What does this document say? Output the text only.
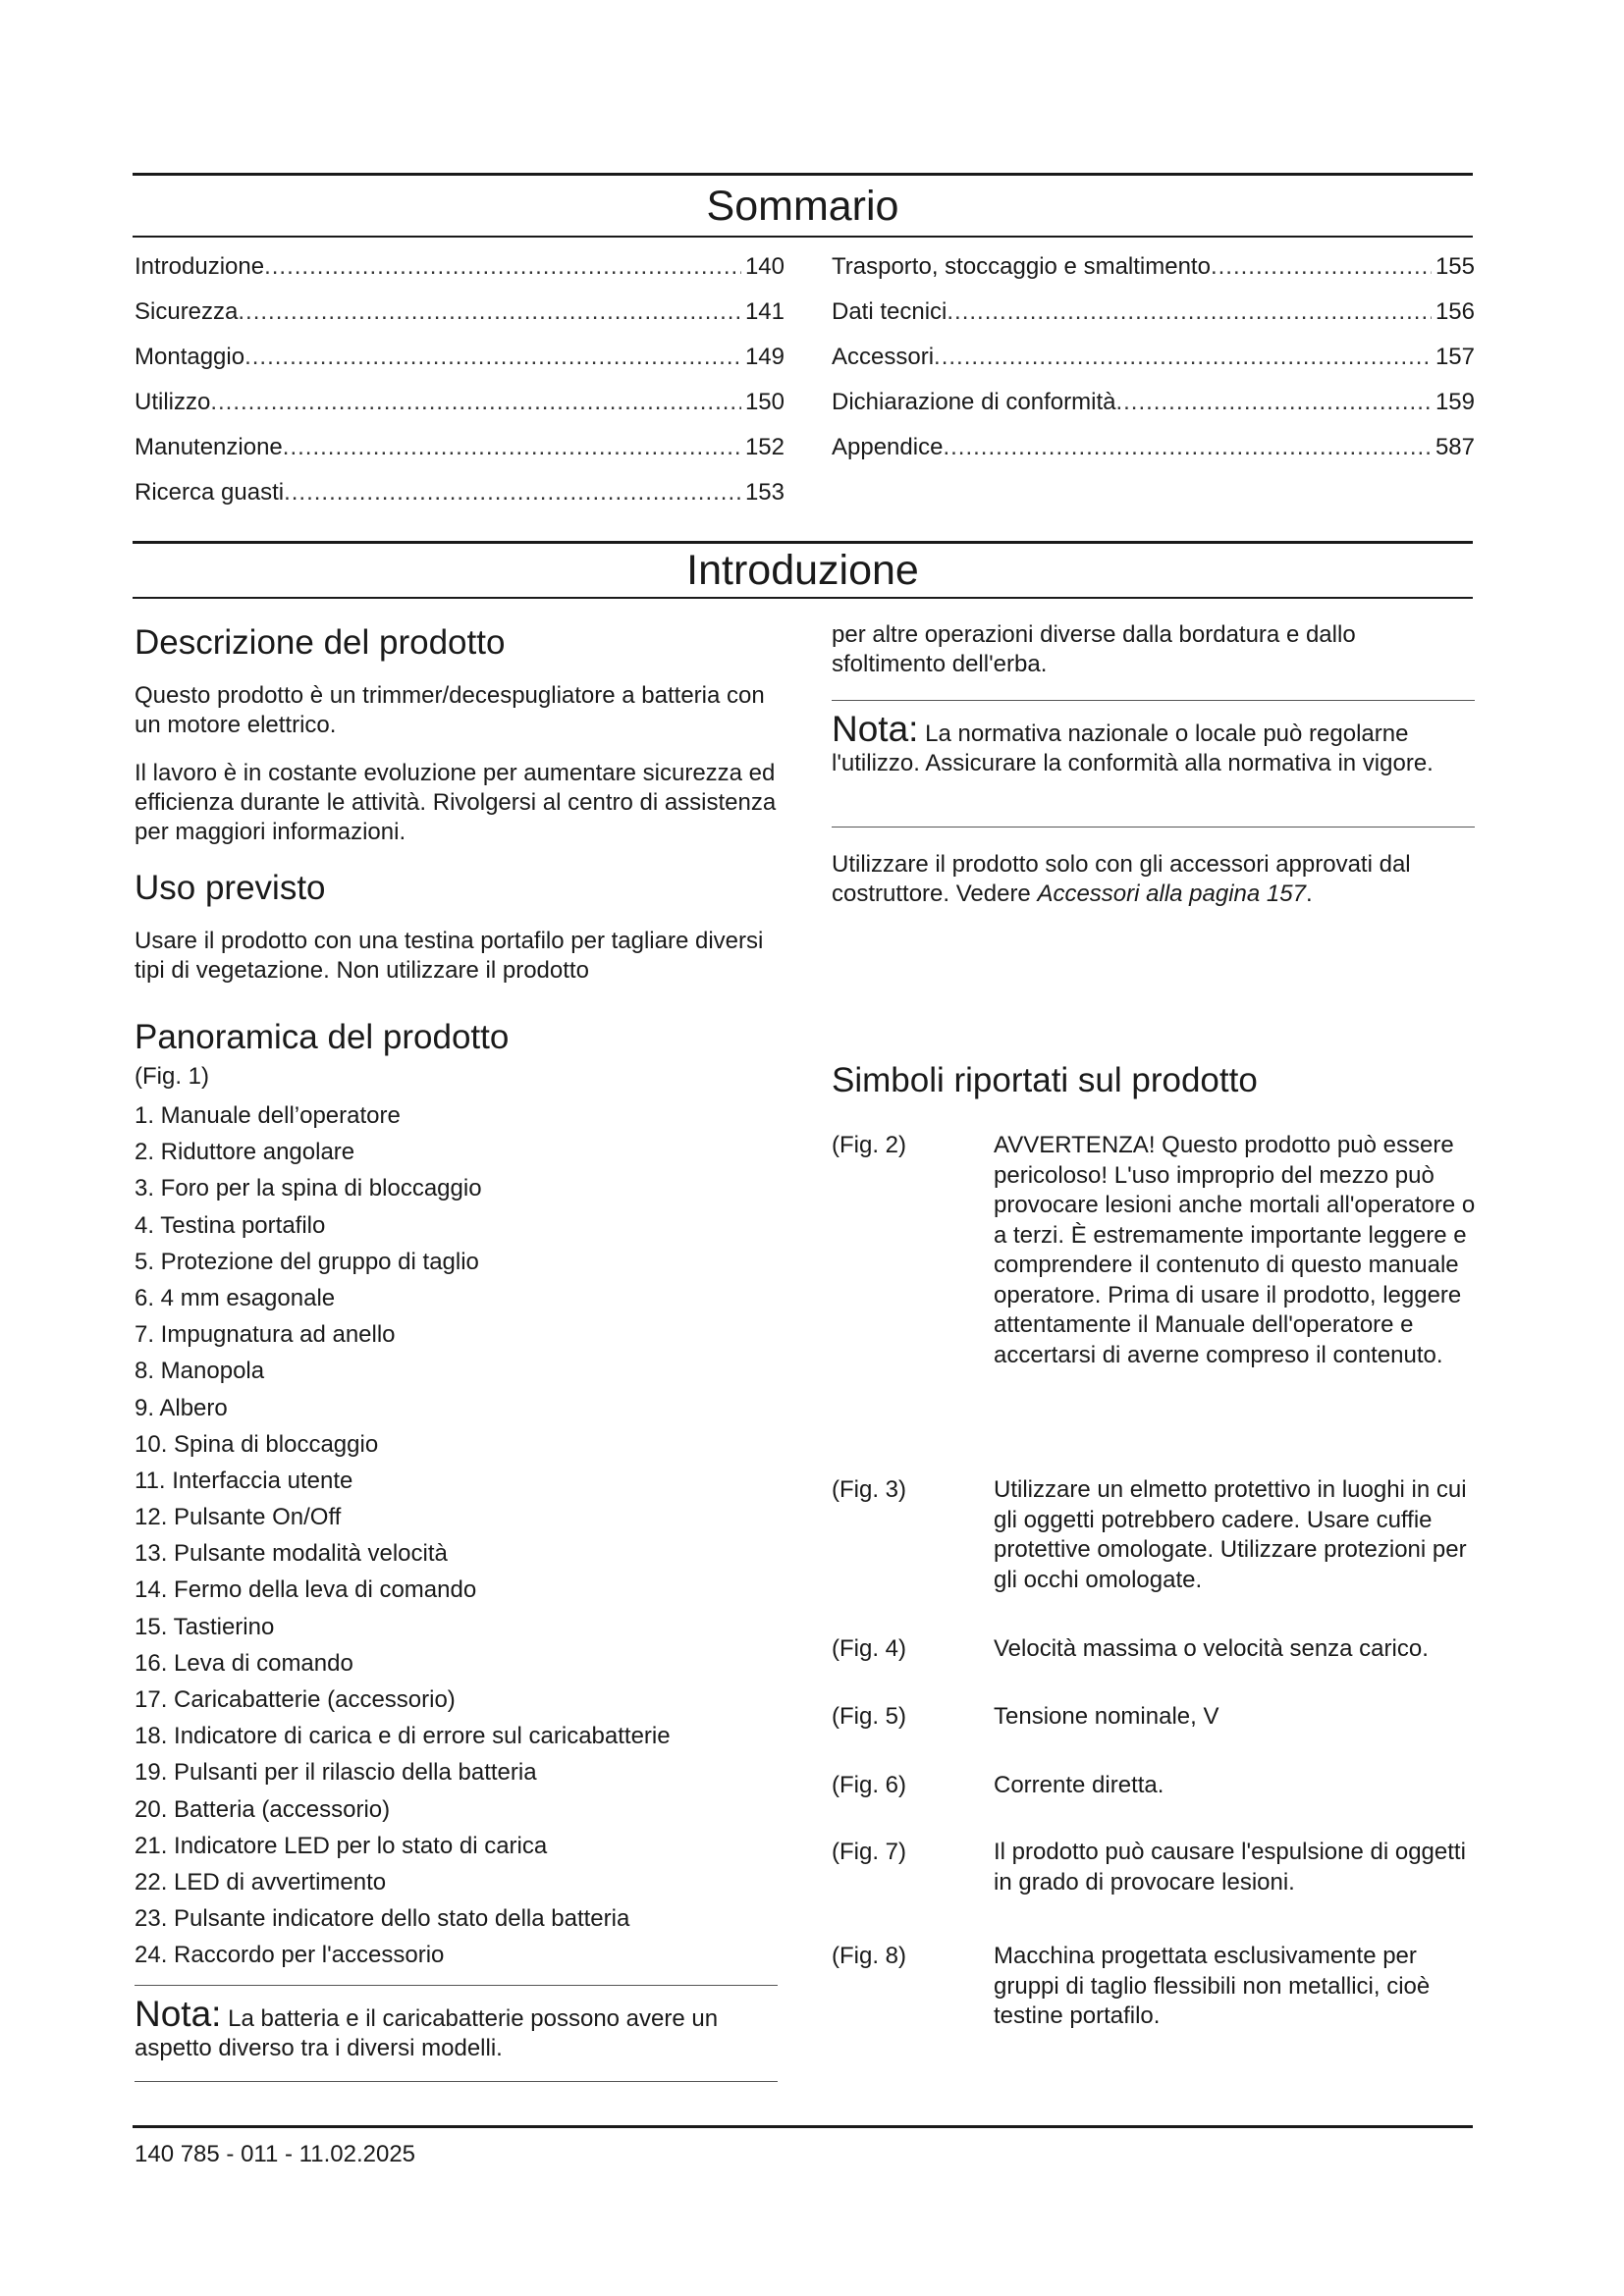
Sommario
Introduzione .....	140
Sicurezza .....	141
Montaggio .....	149
Utilizzo .....	150
Manutenzione .....	152
Ricerca guasti .....	153
Trasporto, stoccaggio e smaltimento .....	155
Dati tecnici .....	156
Accessori .....	157
Dichiarazione di conformità .....	159
Appendice .....	587
Introduzione
Descrizione del prodotto
Questo prodotto è un trimmer/decespugliatore a batteria con un motore elettrico.
Il lavoro è in costante evoluzione per aumentare sicurezza ed efficienza durante le attività. Rivolgersi al centro di assistenza per maggiori informazioni.
Uso previsto
Usare il prodotto con una testina portafilo per tagliare diversi tipi di vegetazione. Non utilizzare il prodotto
per altre operazioni diverse dalla bordatura e dallo sfoltimento dell'erba.
Nota: La normativa nazionale o locale può regolarne l'utilizzo. Assicurare la conformità alla normativa in vigore.
Utilizzare il prodotto solo con gli accessori approvati dal costruttore. Vedere Accessori alla pagina 157.
Panoramica del prodotto
(Fig. 1)
1. Manuale dell’operatore
2. Riduttore angolare
3. Foro per la spina di bloccaggio
4. Testina portafilo
5. Protezione del gruppo di taglio
6. 4 mm esagonale
7. Impugnatura ad anello
8. Manopola
9. Albero
10. Spina di bloccaggio
11. Interfaccia utente
12. Pulsante On/Off
13. Pulsante modalità velocità
14. Fermo della leva di comando
15. Tastierino
16. Leva di comando
17. Caricabatterie (accessorio)
18. Indicatore di carica e di errore sul caricabatterie
19. Pulsanti per il rilascio della batteria
20. Batteria (accessorio)
21. Indicatore LED per lo stato di carica
22. LED di avvertimento
23. Pulsante indicatore dello stato della batteria
24. Raccordo per l'accessorio
Nota: La batteria e il caricabatterie possono avere un aspetto diverso tra i diversi modelli.
Simboli riportati sul prodotto
(Fig. 2)	AVVERTENZA! Questo prodotto può essere pericoloso! L'uso improprio del mezzo può provocare lesioni anche mortali all'operatore o a terzi. È estremamente importante leggere e comprendere il contenuto di questo manuale operatore. Prima di usare il prodotto, leggere attentamente il Manuale dell'operatore e accertarsi di averne compreso il contenuto.
(Fig. 3)	Utilizzare un elmetto protettivo in luoghi in cui gli oggetti potrebbero cadere. Usare cuffie protettive omologate. Utilizzare protezioni per gli occhi omologate.
(Fig. 4)	Velocità massima o velocità senza carico.
(Fig. 5)	Tensione nominale, V
(Fig. 6)	Corrente diretta.
(Fig. 7)	Il prodotto può causare l'espulsione di oggetti in grado di provocare lesioni.
(Fig. 8)	Macchina progettata esclusivamente per gruppi di taglio flessibili non metallici, cioè testine portafilo.
140 785 - 011 - 11.02.2025
